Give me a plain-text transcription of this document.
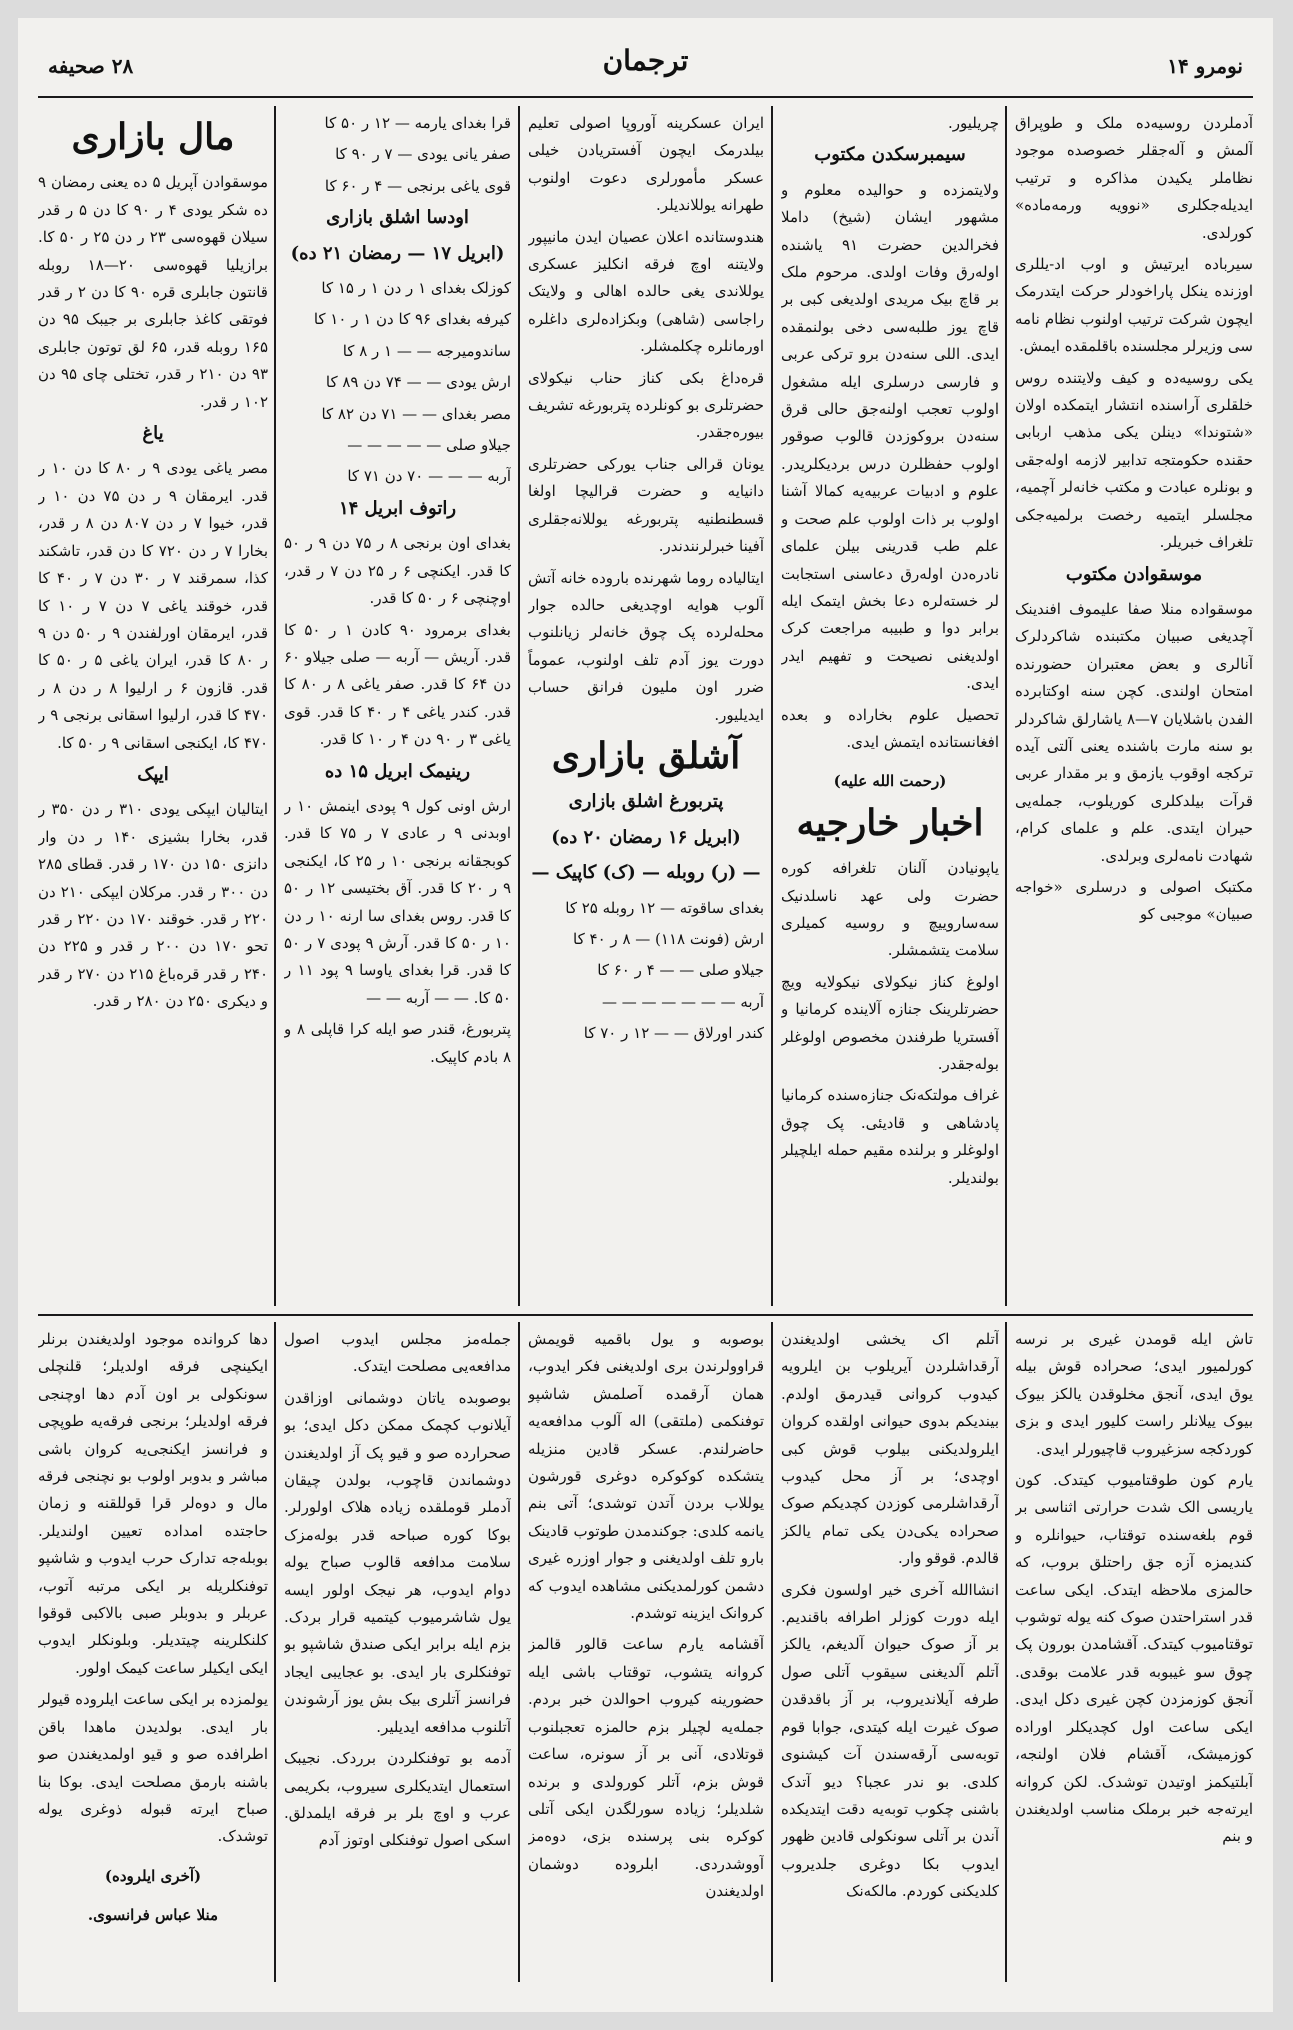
نومرو ۱۴
ترجمان
۲۸ صحیفه

آدملردن روسیه‌ده ملک و طوپراق آلمش و آله‌جقلر خصوصده موجود نظاملر یکیدن مذاکره و ترتیب ایدیله‌جکلری «نوویه ورمه‌ماده» کورلدی.

سیرباده ایرتیش و اوب اد-یللری اوزنده ینکل پاراخودلر حرکت ایتدرمک ایچون شرکت ترتیب اولنوب نظام نامه سی وزیرلر مجلسنده باقلمقده ایمش.

یکی روسیه‌ده و کیف ولایتنده روس خلقلری آراسنده انتشار ایتمکده اولان «شتوندا» دینلن یکی مذهب اربابی حقنده حکومتجه تدابیر لازمه اوله‌جقی و بونلره عبادت و مکتب خانه‌لر آچمیه، مجلسلر ایتمیه رخصت برلمیه‌جکی تلغراف خبریلر.

موسقوادن مکتوب

موسقواده منلا صفا علیموف افندینک آچدیغی صبیان مکتبنده شاکردلرک آنالری و بعض معتبران حضورنده امتحان اولندی. کچن سنه اوکتابرده الفدن باشلایان ۷—۸ یاشارلق شاکردلر بو سنه مارت باشنده یعنی آلتی آیده ترکجه اوقوب یازمق و بر مقدار عربی قرآت بیلدکلری کوریلوب، جمله‌یی حیران ایتدی. علم و علمای کرام، شهادت نامه‌لری وبرلدی.

مکتبک اصولی و درسلری «خواجه صبیان» موجبی کو

چریلیور.

سیمبرسکدن مکتوب

ولایتمزده و حوالیده معلوم و مشهور ایشان (شیخ) داملا فخرالدین حضرت ۹۱ یاشنده اوله‌رق وفات اولدی. مرحوم ملک بر قاچ بیک مریدی اولدیغی کبی بر قاچ یوز طلبه‌سی دخی بولنمقده ایدی. اللی سنه‌دن برو ترکی عربی و فارسی درسلری ایله مشغول اولوب تعجب اولنه‌جق حالی قرق سنه‌دن بروکوزدن قالوب صوقور اولوب حفظلرن درس بردیکلریدر. علوم و ادبیات عربیه‌یه کمالا آشنا اولوب بر ذات اولوب علم صحت و علم طب قدرینی بیلن علمای نادره‌دن اوله‌رق دعاسنی استجابت لر خسته‌لره دعا بخش ایتمک ایله برابر دوا و طبیبه مراجعت کرک اولدیغنی نصیحت و تفهیم ایدر ایدی.

تحصیل علوم بخاراده و بعده افغانستانده ایتمش ایدی.

(رحمت الله علیه)
اخبار خارجیه

یاپونیادن آلنان تلغرافه کوره حضرت ولی عهد ناسلدنیک سه‌ساروییچ و روسیه کمیلری سلامت یتشمشلر.

اولوغ کناز نیکولای نیکولایه ویچ حضرتلرینک جنازه آلاینده کرمانیا و آفستریا طرفندن مخصوص اولوغلر بوله‌جقدر.

غراف مولتکه‌نک جنازه‌سنده کرمانیا پادشاهی و قادیئی. پک چوق اولوغلر و برلنده مقیم حمله ایلچیلر بولندیلر.

ایران عسکرینه آوروپا اصولی تعلیم بیلدرمک ایچون آفستریادن خیلی عسکر مأمورلری دعوت اولنوب طهرانه یوللاندیلر.

هندوستانده اعلان عصیان ایدن مانیپور ولایتنه اوچ فرقه انکلیز عسکری یوللاندی یغی حالده اهالی و ولایتک راجاسی (شاهی) وبکزاده‌لری داغلره اورمانلره چکلمشلر.

قره‌داغ بکی کناز حناب نیکولای حضرتلری بو کونلرده پتربورغه تشریف بیوره‌جقدر.

یونان قرالی جناب یورکی حضرتلری دانیایه و حضرت قرالیچا اولغا قسطنطنیه پتربورغه یوللانه‌جقلری آفینا خبرلرنندندر.

ایتالیاده روما شهرنده باروده خانه آتش آلوب هوایه اوچدیغی حالده جوار محله‌لرده پک چوق خانه‌لر زیانلنوب دورت یوز آدم تلف اولنوب، عموماً ضرر اون ملیون فرانق حساب ایدیلیور.

آشلق بازاری
پتربورغ اشلق بازاری
(ابریل ۱۶ رمضان ۲۰ ده)
— (ر) روبله — (ک) کاپیک —

بغدای ساقوته — ۱۲ روبله ۲۵ کا

ارش (فونت ۱۱۸) — ۸ ر ۴۰ کا

جیلاو صلی — — ۴ ر ۶۰ کا

آربه — — — — — — —

کندر اورلاق — — ۱۲ ر ۷۰ کا

قرا بغدای یارمه — ۱۲ ر ۵۰ کا

صفر یانی یودی — ۷ ر ۹۰ کا

قوی یاغی برنجی — ۴ ر ۶۰ کا

اودسا اشلق بازاری
(ابریل ۱۷ — رمضان ۲۱ ده)

کوزلک بغدای ۱ ر دن ۱ ر ۱۵ کا

کیرفه بغدای ۹۶ کا دن ۱ ر ۱۰ کا

ساندومیرجه — — ۱ ر ۸ کا

ارش یودی — — ۷۴ دن ۸۹ کا

مصر بغدای — — ۷۱ دن ۸۲ کا

جیلاو صلی — — — — —

آربه — — — ۷۰ دن ۷۱ کا

راتوف ابریل ۱۴

بغدای اون برنجی ۸ ر ۷۵ دن ۹ ر ۵۰ کا قدر. ایکنچی ۶ ر ۲۵ دن ۷ ر قدر، اوچنچی ۶ ر ۵۰ کا قدر.

بغدای برمرود ۹۰ کادن ۱ ر ۵۰ کا قدر. آریش — آربه — صلی جیلاو ۶۰ دن ۶۴ کا قدر. صفر یاغی ۸ ر ۸۰ کا قدر. کندر یاغی ۴ ر ۴۰ کا قدر. قوی یاغی ۳ ر ۹۰ دن ۴ ر ۱۰ کا قدر.

رینیمک ابریل ۱۵ ده

ارش اونی کول ۹ پودی اینمش ۱۰ ر اوبدنی ۹ ر عادی ۷ ر ۷۵ کا قدر. کوبجقانه برنجی ۱۰ ر ۲۵ کا، ایکنجی ۹ ر ۲۰ کا قدر. آق بختیسی ۱۲ ر ۵۰ کا قدر. روس بغدای سا ارنه ۱۰ ر دن ۱۰ ر ۵۰ کا قدر. آرش ۹ پودی ۷ ر ۵۰ کا قدر. قرا بغدای یاوسا ۹ پود ۱۱ ر ۵۰ کا. — — آربه — —

پتربورغ، قندر صو ایله کرا قاپلی ۸ و ۸ بادم کاپیک.

مال بازاری

موسقوادن آپریل ۵ ده یعنی رمضان ۹ ده شکر یودی ۴ ر ۹۰ کا دن ۵ ر قدر سیلان قهوه‌سی ۲۳ ر دن ۲۵ ر ۵۰ کا. برازیلیا قهوه‌سی ۲۰—۱۸ روبله قانتون جابلری قره ۹۰ کا دن ۲ ر قدر فوتقی کاغذ جابلری بر جیبک ۹۵ دن ۱۶۵ روبله قدر، ۶۵ لق توتون جابلری ۹۳ دن ۲۱۰ ر قدر، تختلی چای ۹۵ دن ۱۰۲ ر قدر.

یاغ

مصر یاغی یودی ۹ ر ۸۰ کا دن ۱۰ ر قدر. ایرمقان ۹ ر دن ۷۵ دن ۱۰ ر قدر، خیوا ۷ ر دن ۸۰۷ دن ۸ ر قدر، بخارا ۷ ر دن ۷۲۰ کا دن قدر، تاشکند کذا، سمرقند ۷ ر ۳۰ دن ۷ ر ۴۰ کا قدر، خوقند یاغی ۷ دن ۷ ر ۱۰ کا قدر، ایرمقان اورلفندن ۹ ر ۵۰ دن ۹ ر ۸۰ کا قدر، ایران یاغی ۵ ر ۵۰ کا قدر. قازون ۶ ر ارلیوا ۸ ر دن ۸ ر ۴۷۰ کا قدر، ارلیوا اسقانی برنجی ۹ ر ۴۷۰ کا، ایکنجی اسقانی ۹ ر ۵۰ کا.

ایپک

ایتالیان ایپکی یودی ۳۱۰ ر دن ۳۵۰ ر قدر، بخارا بشیزی ۱۴۰ ر دن وار دانزی ۱۵۰ دن ۱۷۰ ر قدر. قطای ۲۸۵ دن ۳۰۰ ر قدر. مرکلان ایپکی ۲۱۰ دن ۲۲۰ ر قدر. خوقند ۱۷۰ دن ۲۲۰ ر قدر تحو ۱۷۰ دن ۲۰۰ ر قدر و ۲۲۵ دن ۲۴۰ ر قدر قره‌باغ ۲۱۵ دن ۲۷۰ ر قدر و دیکری ۲۵۰ دن ۲۸۰ ر قدر.

تاش ایله قومدن غیری بر نرسه کورلمیور ایدی؛ صحراده قوش بیله یوق ایدی، آنجق مخلوقدن یالکز بیوک بیوک ییلانلر راست کلیور ایدی و بزی کوردکجه سزغیروب قاچیورلر ایدی.

یارم کون طوقتامیوب کیتدک. کون یاریسی الک شدت حرارتی اثناسی بر قوم بلغه‌سنده توقتاب، حیوانلره و کندیمزه آزه جق راحتلق بروب، که حالمزی ملاحظه ایتدک. ایکی ساعت قدر استراحتدن صوک کنه یوله توشوب توقتامیوب کیتدک. آقشامدن بورون پک چوق سو غیبوبه قدر علامت بوقدی. آنجق کوزمزدن کچن غیری دکل ایدی. ایکی ساعت اول کچدیکلر اوراده کوزمیشک، آقشام فلان اولنجه، آبلتیکمز اوتیدن توشدک. لکن کروانه ایرته‌جه خبر برملک مناسب اولدیغندن و بنم

آتلم اک یخشی اولدیغندن آرقداشلردن آیریلوب بن ایلرویه کیدوب کروانی قیدرمق اولدم. بیندیکم بدوی حیوانی اولقده کروان ایلرولدیکنی بیلوب قوش کبی اوچدی؛ بر آز محل کیدوب آرقداشلرمی کوزدن کچدیکم صوک صحراده یکی‌دن یکی تمام یالکز قالدم. قوقو وار.

انشاالله آخری خیر اولسون فکری ایله دورت کوزلر اطرافه باقندیم. بر آز صوک حیوان آلدیغم، یالکز آتلم آلدیغنی سیقوب آتلی صول طرفه آیلاندیروب، بر آز باقدقدن صوک غیرت ایله کیتدی، جوابا قوم توبه‌سی آرقه‌سندن آت کیشنوی کلدی. بو ندر عجبا؟ دیو آتدک باشنی چکوب توبه‌یه دقت ایتدیکده آندن بر آتلی سونکولی قادین ظهور ایدوب بکا دوغری جلدیروب کلدیکنی کوردم. مالکه‌نک

بوصوبه و یول باقمیه قویمش قراوولرندن بری اولدیغنی فکر ایدوب، همان آرقمده آصلمش شاشپو توفنکمی (ملتقی) اله آلوب مدافعه‌یه حاضرلندم. عسکر قادین منزیله یتشکده کوکوکره دوغری قورشون یوللاب بردن آتدن توشدی؛ آتی بنم یانمه کلدی: جوکندمدن طوتوب قادینک بارو تلف اولدیغنی و جوار اوزره غیری دشمن کورلمدیکنی مشاهده ایدوب که کروانک ایزینه توشدم.

آقشامه یارم ساعت قالور قالمز کروانه یتشوب، توقتاب باشی ایله حضورینه کیروب احوالدن خبر بردم. جمله‌یه لچیلر بزم حالمزه تعجبلنوب قوتلادی، آنی بر آز سونره، ساعت قوش بزم، آتلر کورولدی و برنده شلدیلر؛ زیاده سورلگدن ایکی آتلی کوکره بنی پرسنده بزی، دوه‌مز آووشدردی. ابلروده دوشمان اولدیغندن

جمله‌مز مجلس ایدوب اصول مدافعه‌یی مصلحت ایتدک.

بوصوبده یاتان دوشمانی اوزاقدن آیلانوب کچمک ممکن دکل ایدی؛ بو صحرا‌رده صو و قیو پک آز اولدیغندن دوشماندن قاچوب، بولدن چیقان آدملر قوملقده زیاده هلاک اولورلر. بوکا کوره صباحه قدر بوله‌مزک سلامت مدافعه قالوب صباح یوله دوام ایدوب، هر نیجک اولور ایسه یول شاشرمیوب کیتمیه قرار بردک. بزم ایله برابر ایکی صندق شاشپو بو توفنکلری بار ایدی. بو عجایبی ایجاد فرانسز آتلری بیک بش یوز آرشوندن آتلنوب مدافعه ایدیلیر.

آدمه بو توفنکلردن برردک. نجیبک استعمال ایتدیکلری سیروب، بکریمی عرب و اوچ بلر بر فرقه ایلمدلق. اسکی اصول توفنکلی اوتوز آدم

دها کروانده موجود اولدیغندن برنلر ایکینچی فرقه اولدیلر؛ قلنچلی سونکولی بر اون آدم دها اوچنجی فرقه اولدیلر؛ برنجی فرقه‌یه طوپچی و فرانسز ایکنجی‌یه کروان باشی مباشر و بدوبر اولوب بو نچنجی فرقه مال و دوه‌لر قرا قوللقنه و زمان حاجتده امداده تعیین اولندیلر. بوبله‌جه تدارک حرب ایدوب و شاشپو توفنکلریله بر ایکی مرتبه آتوب، عربلر و بدوبلر صبی بالاکبی قوقوا کلنکلرینه چیتدیلر. وبلونکلر ایدوب ایکی ایکیلر ساعت کیمک اولور.

یولمزده بر ایکی ساعت ایلروده قیولر بار ایدی. بولدیدن ماهدا باقن اطرافده صو و قیو اولمدیغندن صو باشنه بارمق مصلحت ایدی. بوکا بنا صباح ایرته قبوله ذوغری یوله توشدک.

(آخری ایلروده)
منلا عباس فرانسوی.
